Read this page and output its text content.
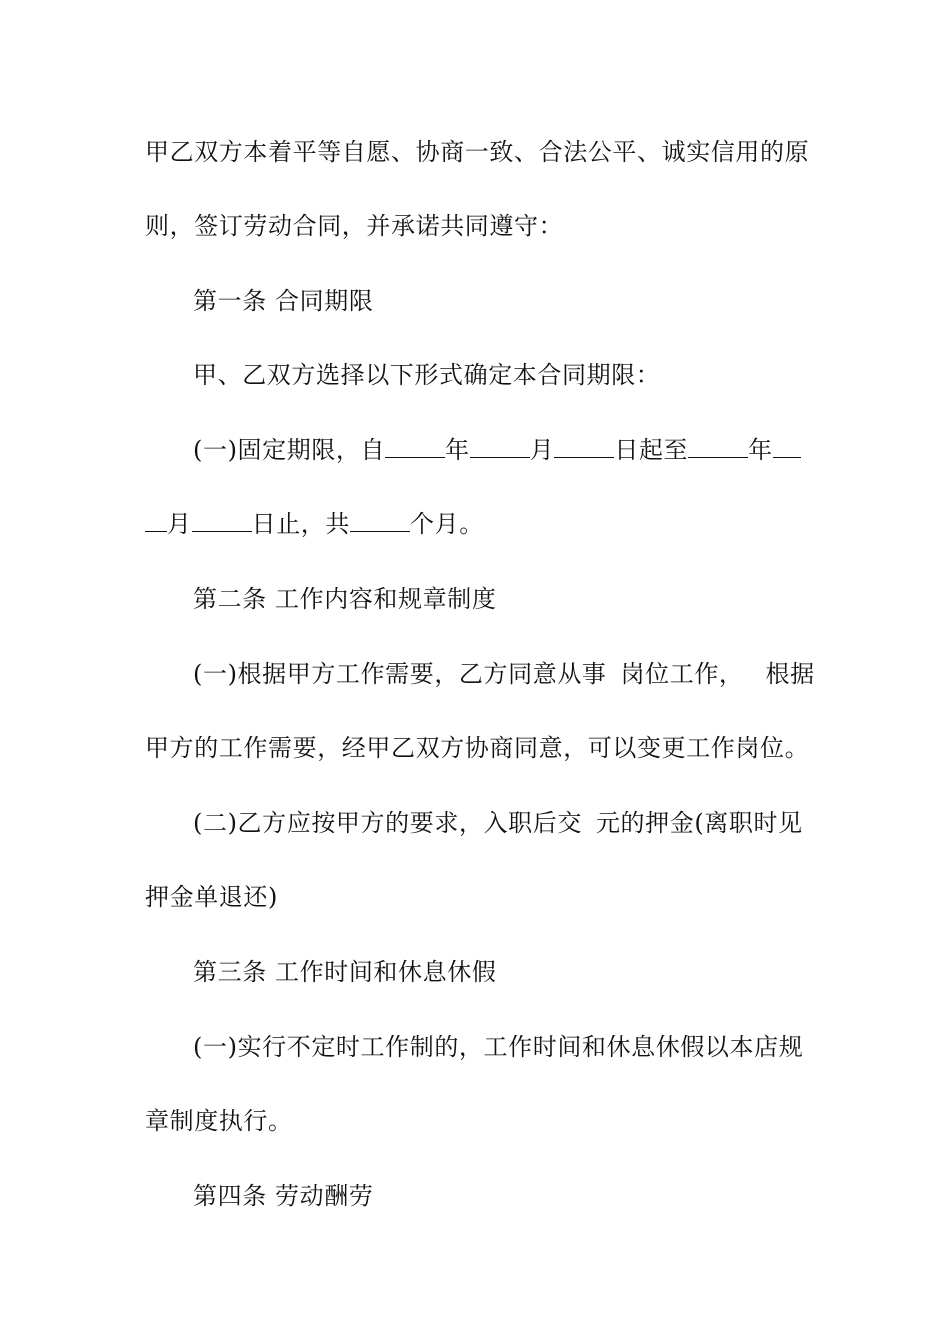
甲乙双方本着平等自愿、协商一致、合法公平、诚实信用的原
则，签订劳动合同，并承诺共同遵守：
第一条 合同期限
甲、乙双方选择以下形式确定本合同期限：
(一)固定期限，自	年	月	日起至	年
月	日止，共	个月。
第二条 工作内容和规章制度
(一)根据甲方工作需要，乙方同意从事 岗位工作， 根据
甲方的工作需要，经甲乙双方协商同意，可以变更工作岗位。
(二)乙方应按甲方的要求，入职后交 元的押金(离职时见
押金单退还)
第三条 工作时间和休息休假
(一)实行不定时工作制的，工作时间和休息休假以本店规
章制度执行。
第四条 劳动酬劳
